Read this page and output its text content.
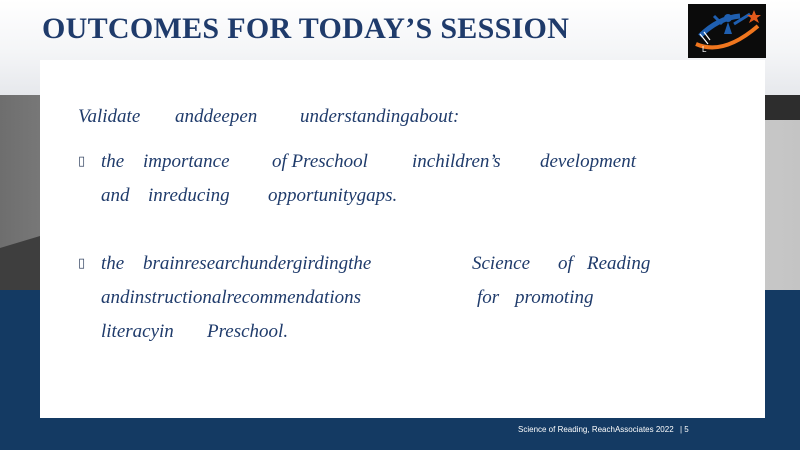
OUTCOMES FOR TODAY’S SESSION
L
Validate anddeepen understandingabout:
▯ the importance of Preschool inchildren’s development
and inreducing opportunitygaps.
▯ the brainresearchundergirdingthe	Science of Reading
andinstructionalrecommendations	for promoting
literacyin Preschool.
Science of Reading, ReachAssociates 2022 | 5
